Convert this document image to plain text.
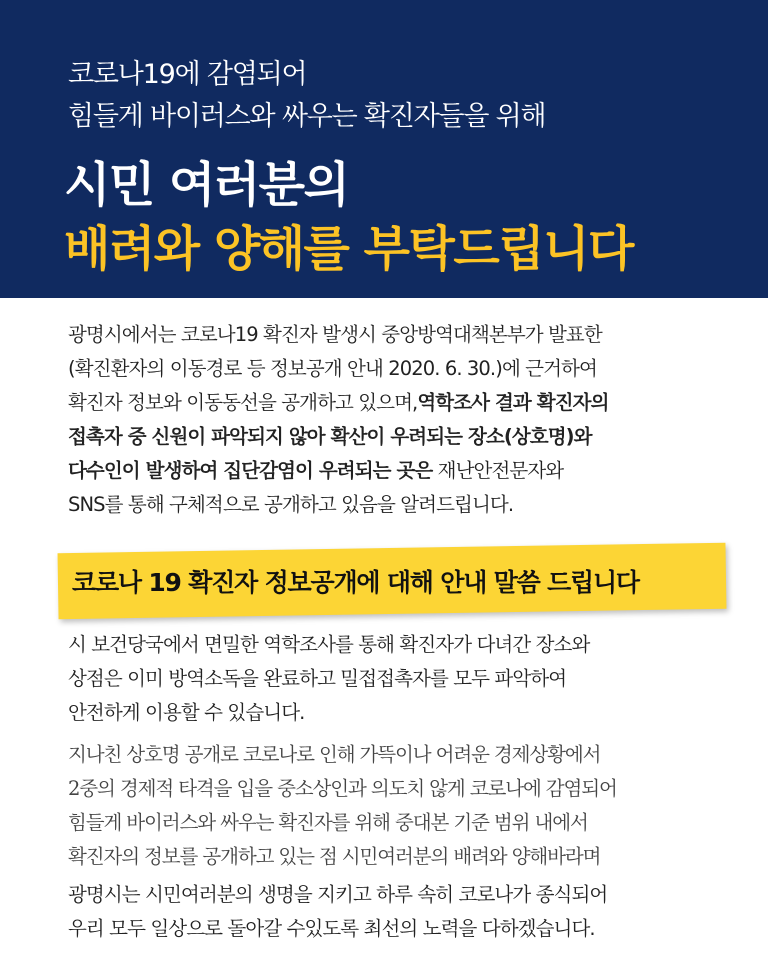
코로나19에 감염되어
힘들게 바이러스와 싸우는 확진자들을 위해
시민 여러분의
배려와 양해를 부탁드립니다

광명시에서는 코로나19 확진자 발생시 중앙방역대책본부가 발표한
(확진환자의 이동경로 등 정보공개 안내 2020. 6. 30.)에 근거하여
확진자 정보와 이동동선을 공개하고 있으며,역학조사 결과 확진자의
접촉자 중 신원이 파악되지 않아 확산이 우려되는 장소(상호명)와
다수인이 발생하여 집단감염이 우려되는 곳은 재난안전문자와
SNS를 통해 구체적으로 공개하고 있음을 알려드립니다.

코로나 19 확진자 정보공개에 대해 안내 말씀 드립니다

시 보건당국에서 면밀한 역학조사를 통해 확진자가 다녀간 장소와
상점은 이미 방역소독을 완료하고 밀접접촉자를 모두 파악하여
안전하게 이용할 수 있습니다.

지나친 상호명 공개로 코로나로 인해 가뜩이나 어려운 경제상황에서
2중의 경제적 타격을 입을 중소상인과 의도치 않게 코로나에 감염되어
힘들게 바이러스와 싸우는 확진자를 위해 중대본 기준 범위 내에서
확진자의 정보를 공개하고 있는 점 시민여러분의 배려와 양해바라며

광명시는 시민여러분의 생명을 지키고 하루 속히 코로나가 종식되어
우리 모두 일상으로 돌아갈 수있도록 최선의 노력을 다하겠습니다.
